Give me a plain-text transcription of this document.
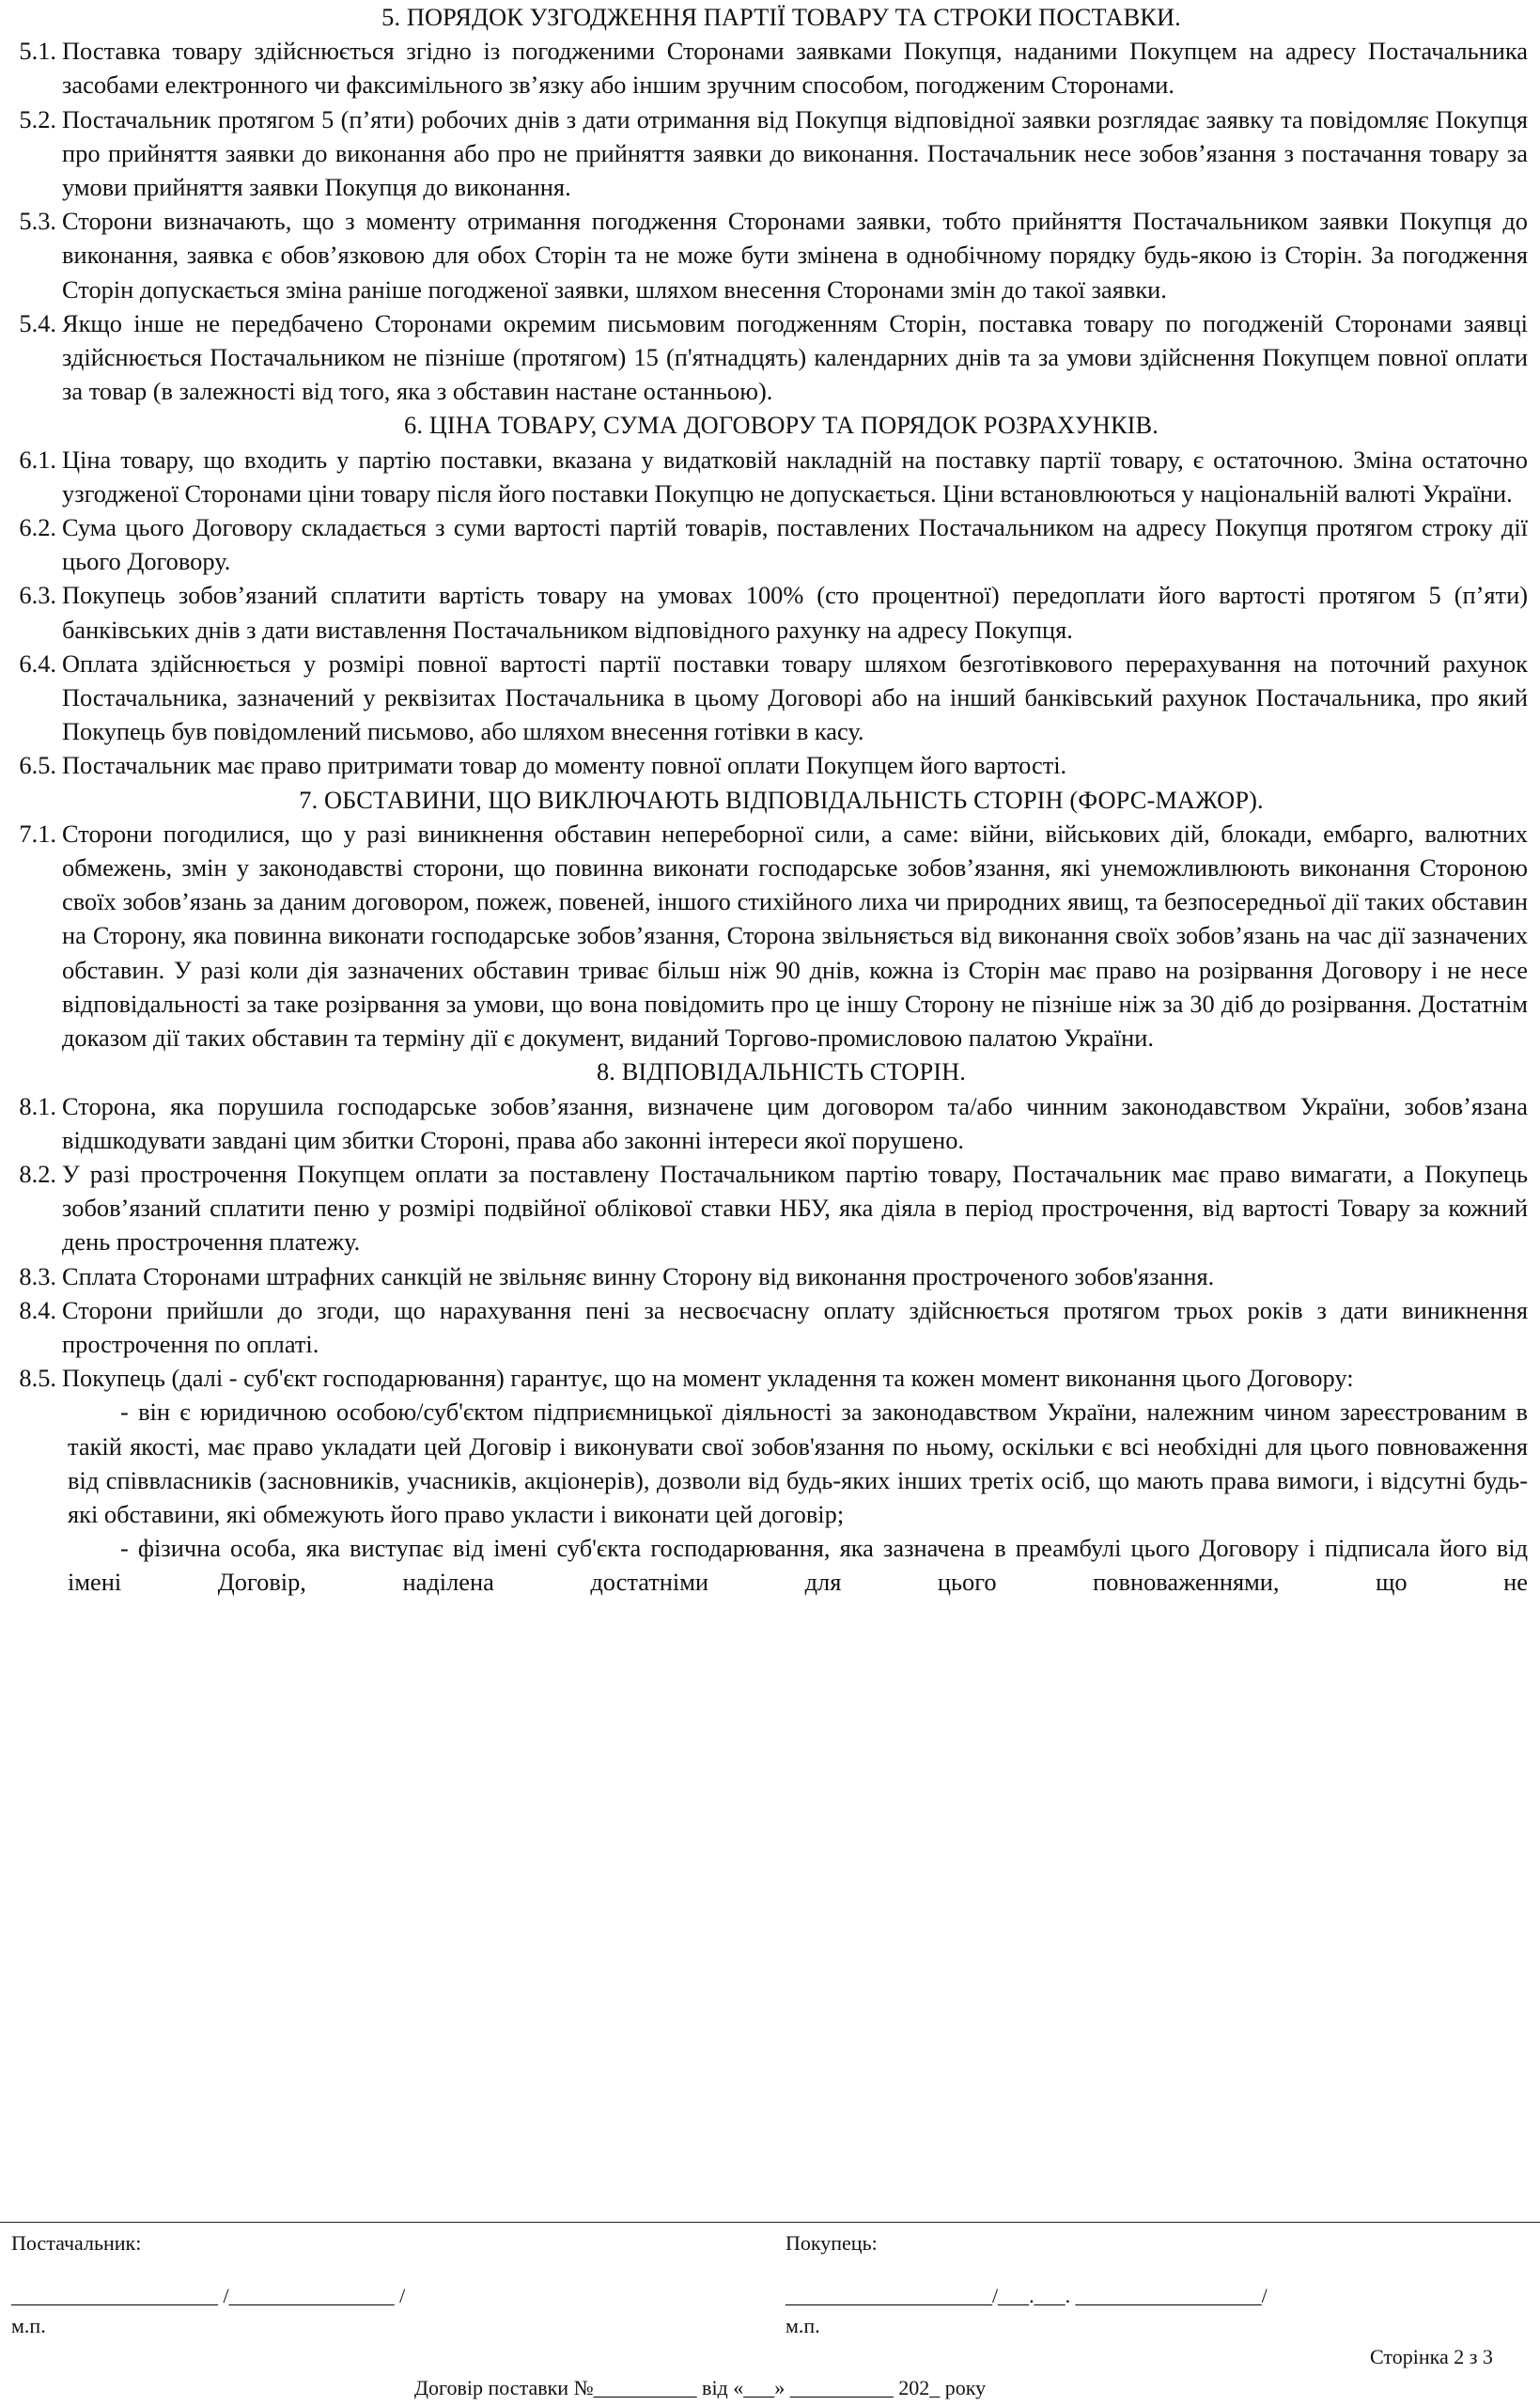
5. ПОРЯДОК УЗГОДЖЕННЯ ПАРТІЇ ТОВАРУ ТА СТРОКИ ПОСТАВКИ.
5.1. Поставка товару здійснюється згідно із погодженими Сторонами заявками Покупця, наданими Покупцем на адресу Постачальника засобами електронного чи факсимільного зв’язку або іншим зручним способом, погодженим Сторонами.
5.2. Постачальник протягом 5 (п’яти) робочих днів з дати отримання від Покупця відповідної заявки розглядає заявку та повідомляє Покупця про прийняття заявки до виконання або про не прийняття заявки до виконання. Постачальник несе зобов’язання з постачання товару за умови прийняття заявки Покупця до виконання.
5.3. Сторони визначають, що з моменту отримання погодження Сторонами заявки, тобто прийняття Постачальником заявки Покупця до виконання, заявка є обов’язковою для обох Сторін та не може бути змінена в однобічному порядку будь-якою із Сторін. За погодження Сторін допускається зміна раніше погодженої заявки, шляхом внесення Сторонами змін до такої заявки.
5.4. Якщо інше не передбачено Сторонами окремим письмовим погодженням Сторін, поставка товару по погодженій Сторонами заявці здійснюється Постачальником не пізніше (протягом) 15 (п'ятнадцять) календарних днів та за умови здійснення Покупцем повної оплати за товар (в залежності від того, яка з обставин настане останньою).
6. ЦІНА ТОВАРУ, СУМА ДОГОВОРУ ТА ПОРЯДОК РОЗРАХУНКІВ.
6.1. Ціна товару, що входить у партію поставки, вказана у видатковій накладній на поставку партії товару, є остаточною. Зміна остаточно узгодженої Сторонами ціни товару після його поставки Покупцю не допускається. Ціни встановлюються у національній валюті України.
6.2. Сума цього Договору складається з суми вартості партій товарів, поставлених Постачальником на адресу Покупця протягом строку дії цього Договору.
6.3. Покупець зобов’язаний сплатити вартість товару на умовах 100% (сто процентної) передоплати його вартості протягом 5 (п’яти) банківських днів з дати виставлення Постачальником відповідного рахунку на адресу Покупця.
6.4. Оплата здійснюється у розмірі повної вартості партії поставки товару шляхом безготівкового перерахування на поточний рахунок Постачальника, зазначений у реквізитах Постачальника в цьому Договорі або на інший банківський рахунок Постачальника, про який Покупець був повідомлений письмово, або шляхом внесення готівки в касу.
6.5. Постачальник має право притримати товар до моменту повної оплати Покупцем його вартості.
7. ОБСТАВИНИ, ЩО ВИКЛЮЧАЮТЬ ВІДПОВІДАЛЬНІСТЬ СТОРІН (ФОРС-МАЖОР).
7.1. Сторони погодилися, що у разі виникнення обставин непереборної сили, а саме: війни, військових дій, блокади, ембарго, валютних обмежень, змін у законодавстві сторони, що повинна виконати господарське зобов’язання, які унеможливлюють виконання Стороною своїх зобов’язань за даним договором, пожеж, повеней, іншого стихійного лиха чи природних явищ, та безпосередньої дії таких обставин на Сторону, яка повинна виконати господарське зобов’язання, Сторона звільняється від виконання своїх зобов’язань на час дії зазначених обставин. У разі коли дія зазначених обставин триває більш ніж 90 днів, кожна із Сторін має право на розірвання Договору і не несе відповідальності за таке розірвання за умови, що вона повідомить про це іншу Сторону не пізніше ніж за 30 діб до розірвання. Достатнім доказом дії таких обставин та терміну дії є документ, виданий Торгово-промисловою палатою України.
8. ВІДПОВІДАЛЬНІСТЬ СТОРІН.
8.1. Сторона, яка порушила господарське зобов’язання, визначене цим договором та/або чинним законодавством України, зобов’язана відшкодувати завдані цим збитки Стороні, права або законні інтереси якої порушено.
8.2. У разі прострочення Покупцем оплати за поставлену Постачальником партію товару, Постачальник має право вимагати, а Покупець зобов’язаний сплатити пеню у розмірі подвійної облікової ставки НБУ, яка діяла в період прострочення, від вартості Товару за кожний день прострочення платежу.
8.3. Сплата Сторонами штрафних санкцій не звільняє винну Сторону від виконання простроченого зобов'язання.
8.4. Сторони прийшли до згоди, що нарахування пені за несвоєчасну оплату здійснюється протягом трьох років з дати виникнення прострочення по оплаті.
8.5. Покупець (далі - суб'єкт господарювання) гарантує, що на момент укладення та кожен момент виконання цього Договору:
- він є юридичною особою/суб'єктом підприємницької діяльності за законодавством України, належним чином зареєстрованим в такій якості, має право укладати цей Договір і виконувати свої зобов'язання по ньому, оскільки є всі необхідні для цього повноваження від співвласників (засновників, учасників, акціонерів), дозволи від будь-яких інших третіх осіб, що мають права вимоги, і відсутні будь-які обставини, які обмежують його право укласти і виконати цей договір;
- фізична особа, яка виступає від імені суб'єкта господарювання, яка зазначена в преамбулі цього Договору і підписала його від імені Договір, наділена достатніми для цього повноваженнями, що не
Постачальник:	Покупець:
____________________ /________________ /	____________________/___.___. __________________/
м.п.	м.п.
Сторінка 2 з 3
Договір поставки №__________ від «___» __________ 202_ року
